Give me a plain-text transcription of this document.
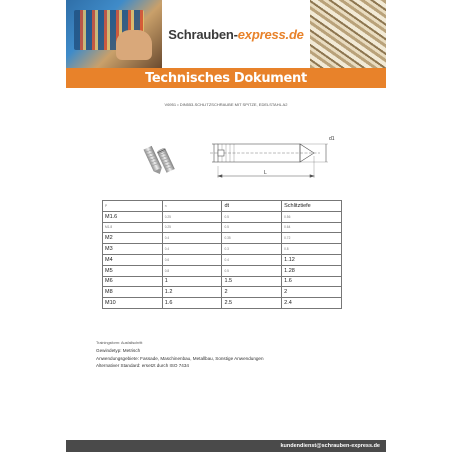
Schrauben-express.de
Technisches Dokument
V6951 • DIN553-SCHLITZSCHRAUBE MIT SPITZE, EDELSTAHL A2
d1
L
P	n	dt	Schlitztiefe
M1.6	0.25	0.5	0.56
M1.8	0.25	0.5	0.64
M2	0.4	0.35	0.72
M3	0.4	0.3	0.8
M4	0.6	0.4	1.12
M5	0.8	0.5	1.28
M6	1	1.5	1.6
M8	1.2	2	2
M10	1.6	2.5	2.4
Trainingsform: Ausfallschritt
Gewindetyp: Metrisch
Anwendungsgebiete: Fassade, Maschinenbau, Metallbau, Sonstige Anwendungen
Alternativer Standard: ersetzt durch ISO 7434
kundendienst@schrauben-express.de
